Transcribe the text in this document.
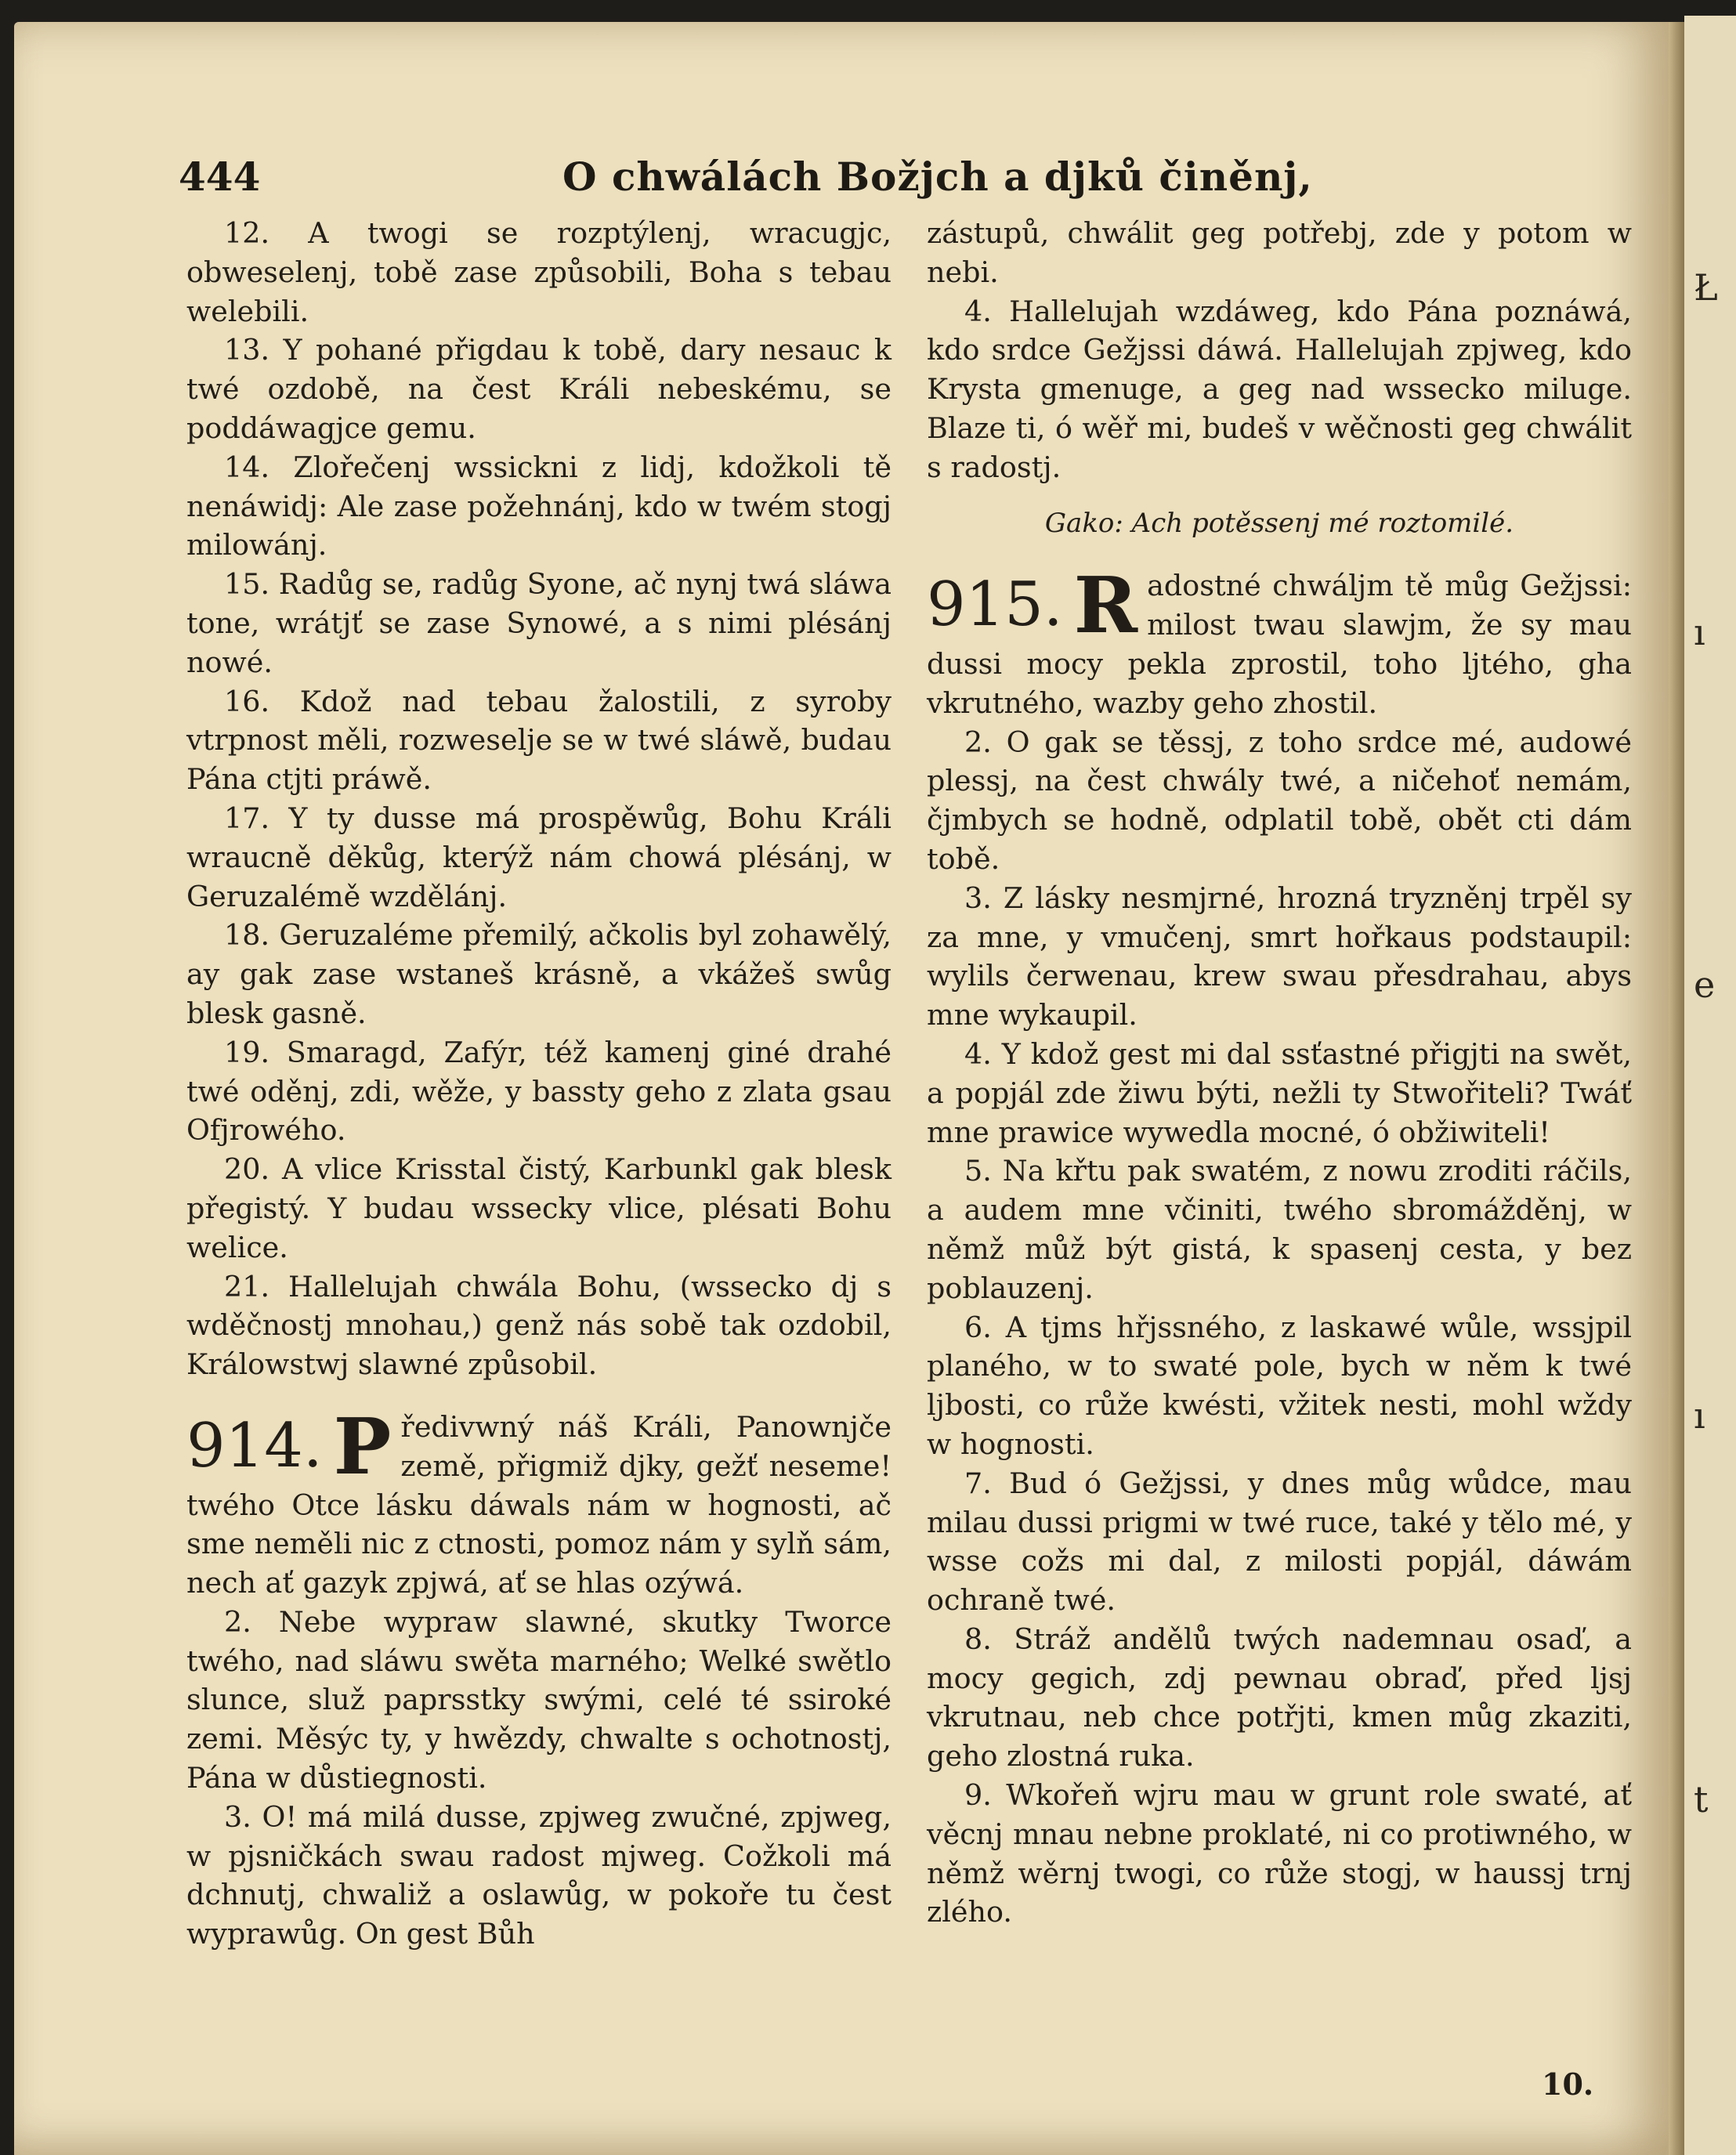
444	O chwálách Božjch a djků činěnj,

12. A twogi se rozptýlenj, wracugjc, obweselenj, tobě zase způsobili, Boha s tebau welebili.

13. Y pohané přigdau k tobě, dary nesauc k twé ozdobě, na čest Králi nebeskému, se poddáwagjce gemu.

14. Zlořečenj wssickni z lidj, kdožkoli tě nenáwidj: Ale zase požehnánj, kdo w twém stogj milowánj.

15. Radůg se, radůg Syone, ač nynj twá sláwa tone, wrátjť se zase Synowé, a s nimi plésánj nowé.

16. Kdož nad tebau žalostili, z syroby vtrpnost měli, rozweselje se w twé sláwě, budau Pána ctjti práwě.

17. Y ty dusse má prospěwůg, Bohu Králi wraucně děkůg, kterýž nám chowá plésánj, w Geruzalémě wzdělánj.

18. Geruzaléme přemilý, ačkolis byl zohawělý, ay gak zase wstaneš krásně, a vkážeš swůg blesk gasně.

19. Smaragd, Zafýr, též kamenj giné drahé twé oděnj, zdi, wěže, y bassty geho z zlata gsau Ofjrowého.

20. A vlice Krisstal čistý, Karbunkl gak blesk přegistý. Y budau wssecky vlice, plésati Bohu welice.

21. Hallelujah chwála Bohu, (wssecko dj s wděčnostj mnohau,) genž nás sobě tak ozdobil, Králowstwj slawné způsobil.

914. P ředivwný náš Králi, Panownjče země, přigmiž djky, gežť neseme! twého Otce lásku dáwals nám w hognosti, ač sme neměli nic z ctnosti, pomoz nám y sylň sám, nech ať gazyk zpjwá, ať se hlas ozýwá.

2. Nebe wypraw slawné, skutky Tworce twého, nad sláwu swěta marného; Welké swětlo slunce, služ paprsstky swými, celé té ssiroké zemi. Měsýc ty, y hwězdy, chwalte s ochotnostj, Pána w důstiegnosti.

3. O! má milá dusse, zpjweg zwučné, zpjweg, w pjsničkách swau radost mjweg. Cožkoli má dchnutj, chwaliž a oslawůg, w pokoře tu čest wyprawůg. On gest Bůh

zástupů, chwálit geg potřebj, zde y potom w nebi.

4. Hallelujah wzdáweg, kdo Pána poznáwá, kdo srdce Gežjssi dáwá. Hallelujah zpjweg, kdo Krysta gmenuge, a geg nad wssecko miluge. Blaze ti, ó wěř mi, budeš v wěčnosti geg chwálit s radostj.

Gako: Ach potěssenj mé roztomilé.

915. R adostné chwáljm tě můg Gežjssi: milost twau slawjm, že sy mau dussi mocy pekla zprostil, toho ljtého, gha vkrutného, wazby geho zhostil.

2. O gak se těssj, z toho srdce mé, audowé plessj, na čest chwály twé, a ničehoť nemám, čjmbych se hodně, odplatil tobě, obět cti dám tobě.

3. Z lásky nesmjrné, hrozná tryzněnj trpěl sy za mne, y vmučenj, smrt hořkaus podstaupil: wylils čerwenau, krew swau přesdrahau, abys mne wykaupil.

4. Y kdož gest mi dal ssťastné přigjti na swět, a popjál zde žiwu býti, nežli ty Stwořiteli? Twáť mne prawice wywedla mocné, ó obžiwiteli!

5. Na křtu pak swatém, z nowu zroditi ráčils, a audem mne včiniti, twého sbromážděnj, w němž můž být gistá, k spasenj cesta, y bez poblauzenj.

6. A tjms hřjssného, z laskawé wůle, wssjpil planého, w to swaté pole, bych w něm k twé ljbosti, co růže kwésti, vžitek nesti, mohl wždy w hognosti.

7. Bud ó Gežjssi, y dnes můg wůdce, mau milau dussi prigmi w twé ruce, také y tělo mé, y wsse cožs mi dal, z milosti popjál, dáwám ochraně twé.

8. Stráž andělů twých nademnau osaď, a mocy gegich, zdj pewnau obraď, před ljsj vkrutnau, neb chce potřjti, kmen můg zkaziti, geho zlostná ruka.

9. Wkořeň wjru mau w grunt role swaté, ať věcnj mnau nebne proklaté, ni co protiwného, w němž wěrnj twogi, co růže stogj, w haussj trnj zlého.

10.
Ł
ı
e
ı
t
